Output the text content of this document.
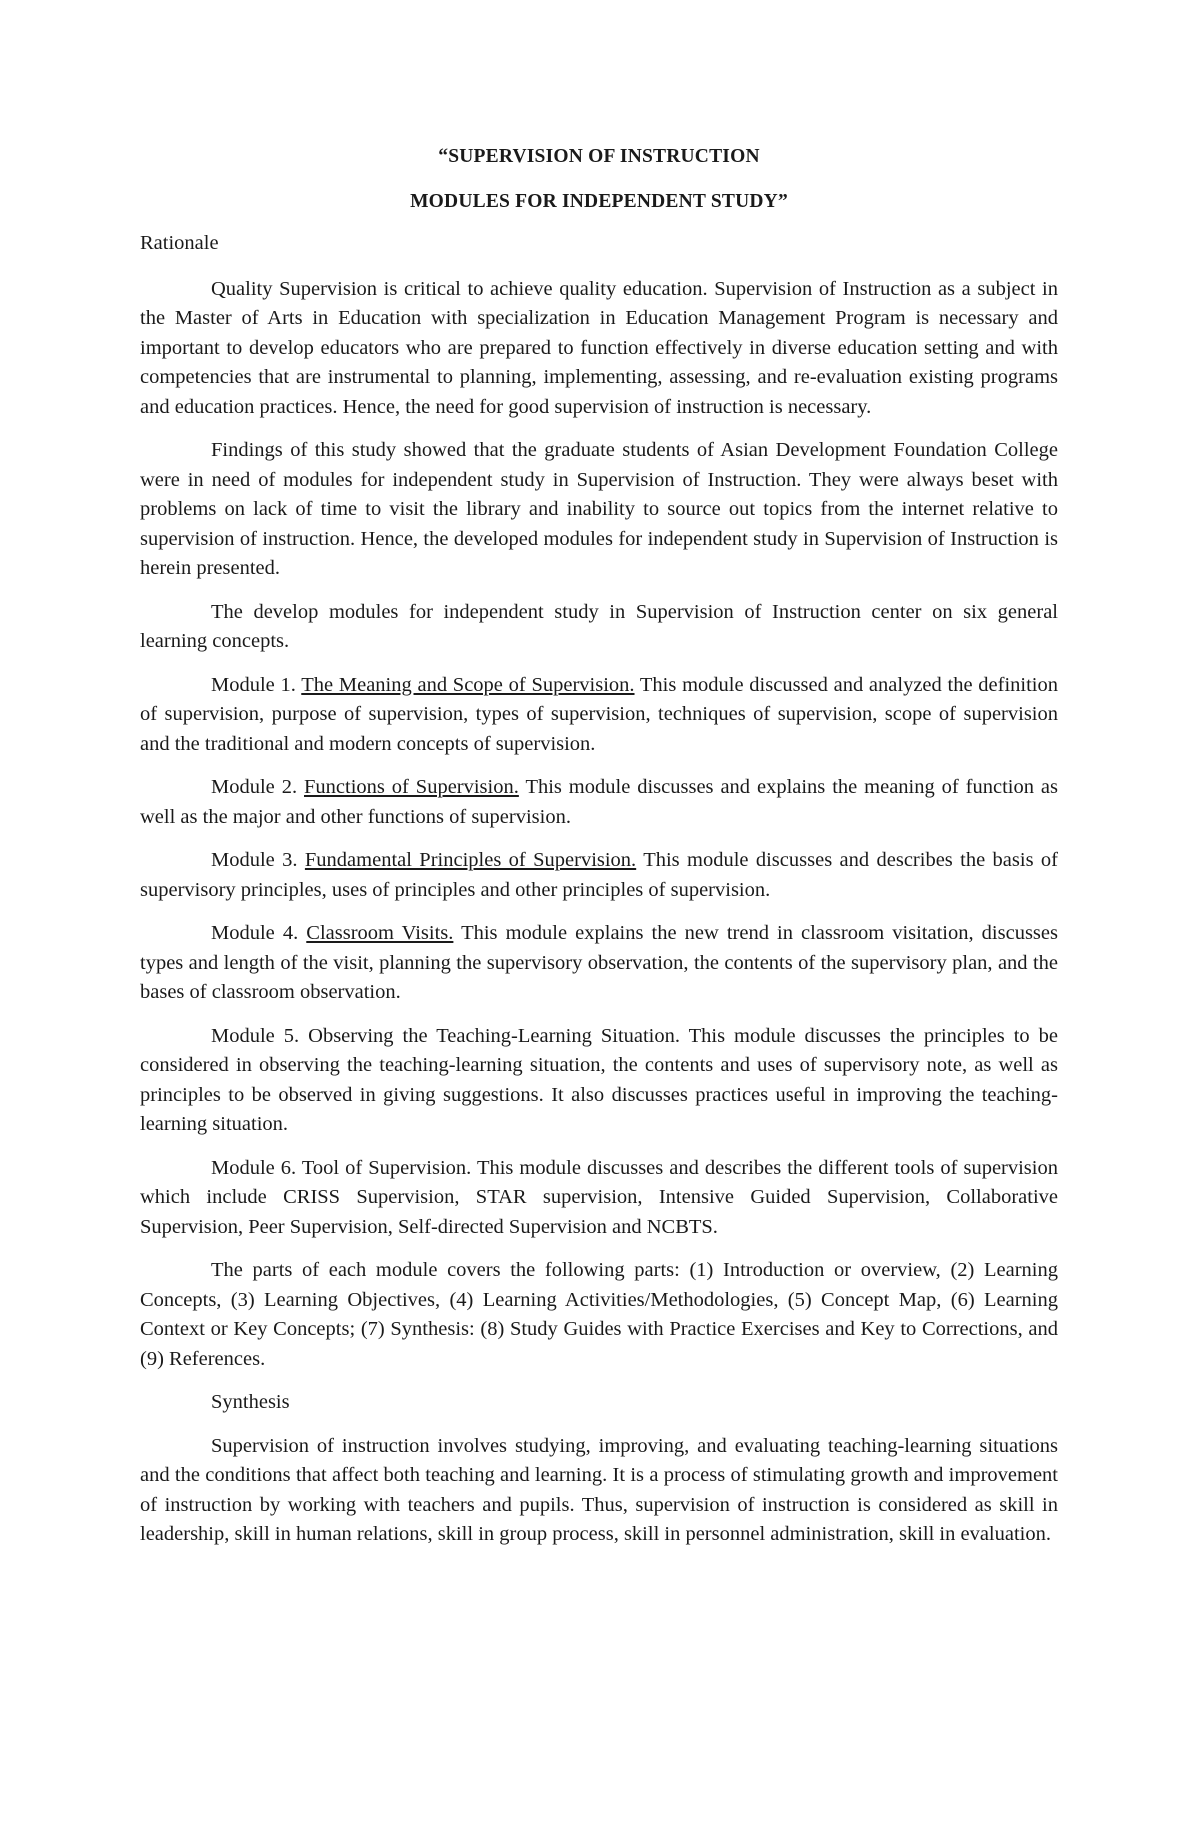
“SUPERVISION OF INSTRUCTION
MODULES FOR INDEPENDENT STUDY”
Rationale

Quality Supervision is critical to achieve quality education. Supervision of Instruction as a subject in the Master of Arts in Education with specialization in Education Management Program is necessary and important to develop educators who are prepared to function effectively in diverse education setting and with competencies that are instrumental to planning, implementing, assessing, and re-evaluation existing programs and education practices. Hence, the need for good supervision of instruction is necessary.

Findings of this study showed that the graduate students of Asian Development Foundation College were in need of modules for independent study in Supervision of Instruction. They were always beset with problems on lack of time to visit the library and inability to source out topics from the internet relative to supervision of instruction. Hence, the developed modules for independent study in Supervision of Instruction is herein presented.

The develop modules for independent study in Supervision of Instruction center on six general learning concepts.

Module 1. The Meaning and Scope of Supervision. This module discussed and analyzed the definition of supervision, purpose of supervision, types of supervision, techniques of supervision, scope of supervision and the traditional and modern concepts of supervision.

Module 2. Functions of Supervision. This module discusses and explains the meaning of function as well as the major and other functions of supervision.

Module 3. Fundamental Principles of Supervision. This module discusses and describes the basis of supervisory principles, uses of principles and other principles of supervision.

Module 4. Classroom Visits. This module explains the new trend in classroom visitation, discusses types and length of the visit, planning the supervisory observation, the contents of the supervisory plan, and the bases of classroom observation.

Module 5. Observing the Teaching-Learning Situation. This module discusses the principles to be considered in observing the teaching-learning situation, the contents and uses of supervisory note, as well as principles to be observed in giving suggestions. It also discusses practices useful in improving the teaching-learning situation.

Module 6. Tool of Supervision. This module discusses and describes the different tools of supervision which include CRISS Supervision, STAR supervision, Intensive Guided Supervision, Collaborative Supervision, Peer Supervision, Self-directed Supervision and NCBTS.

The parts of each module covers the following parts: (1) Introduction or overview, (2) Learning Concepts, (3) Learning Objectives, (4) Learning Activities/Methodologies, (5) Concept Map, (6) Learning Context or Key Concepts; (7) Synthesis: (8) Study Guides with Practice Exercises and Key to Corrections, and (9) References.

Synthesis

Supervision of instruction involves studying, improving, and evaluating teaching-learning situations and the conditions that affect both teaching and learning. It is a process of stimulating growth and improvement of instruction by working with teachers and pupils. Thus, supervision of instruction is considered as skill in leadership, skill in human relations, skill in group process, skill in personnel administration, skill in evaluation.
